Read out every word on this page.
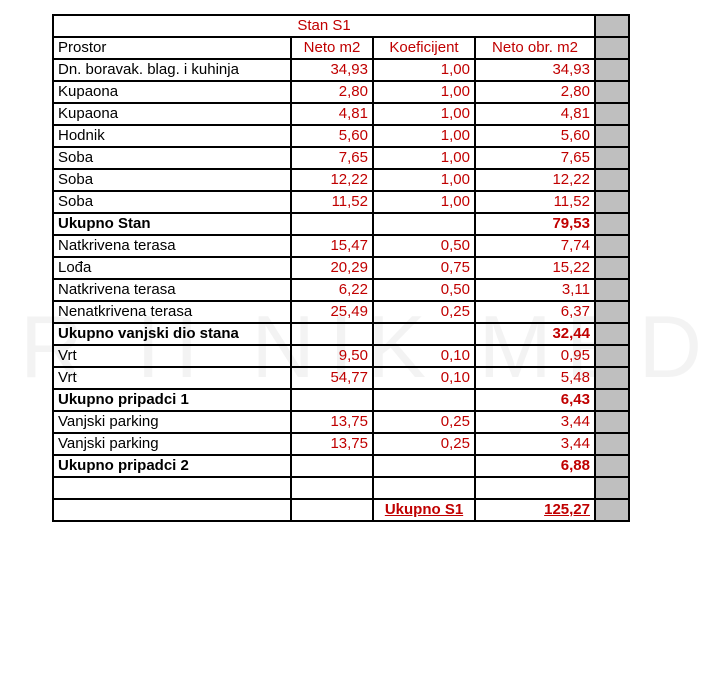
Stan S1				
Prostor	Neto m2	Koeficijent	Neto obr. m2	
Dn. boravak. blag. i kuhinja	34,93	1,00	34,93	
Kupaona	2,80	1,00	2,80	
Kupaona	4,81	1,00	4,81	
Hodnik	5,60	1,00	5,60	
Soba	7,65	1,00	7,65	
Soba	12,22	1,00	12,22	
Soba	11,52	1,00	11,52	
Ukupno Stan			79,53	
Natkrivena terasa	15,47	0,50	7,74	
Lođa	20,29	0,75	15,22	
Natkrivena terasa	6,22	0,50	3,11	
Nenatkrivena terasa	25,49	0,25	6,37	
Ukupno vanjski dio stana			32,44	
Vrt	9,50	0,10	0,95	
Vrt	54,77	0,10	5,48	
Ukupno pripadci 1			6,43	
Vanjski parking	13,75	0,25	3,44	
Vanjski parking	13,75	0,25	3,44	
Ukupno pripadci 2			6,88	

		Ukupno S1	125,27	
